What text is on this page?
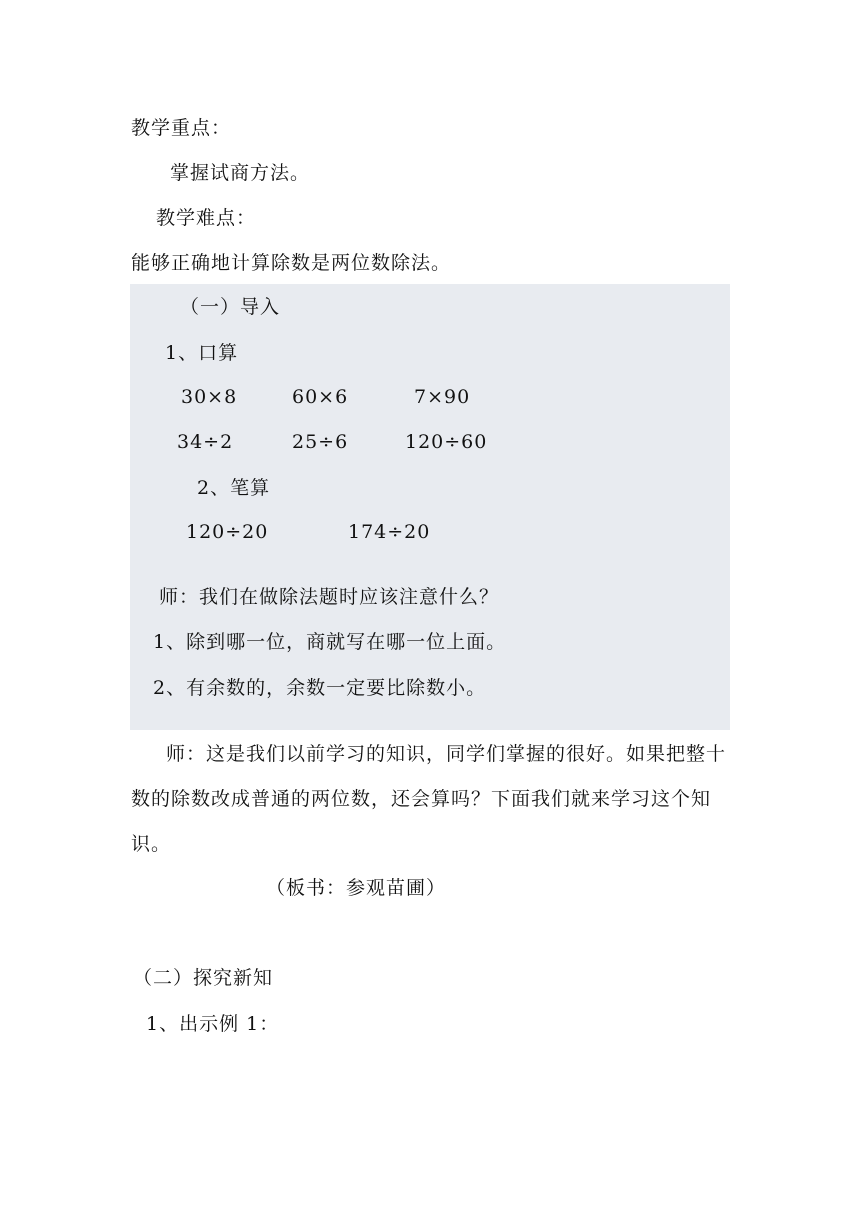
教学重点：
掌握试商方法。
教学难点：
能够正确地计算除数是两位数除法。
（一）导入
1、口算
30×8	60×6	7×90
34÷2	25÷6	120÷60
2、笔算
120÷20	174÷20
师：我们在做除法题时应该注意什么？
1、除到哪一位，商就写在哪一位上面。
2、有余数的，余数一定要比除数小。
师：这是我们以前学习的知识，同学们掌握的很好。如果把整十
数的除数改成普通的两位数，还会算吗？下面我们就来学习这个知
识。
（板书：参观苗圃）
（二）探究新知
1、出示例 1：
